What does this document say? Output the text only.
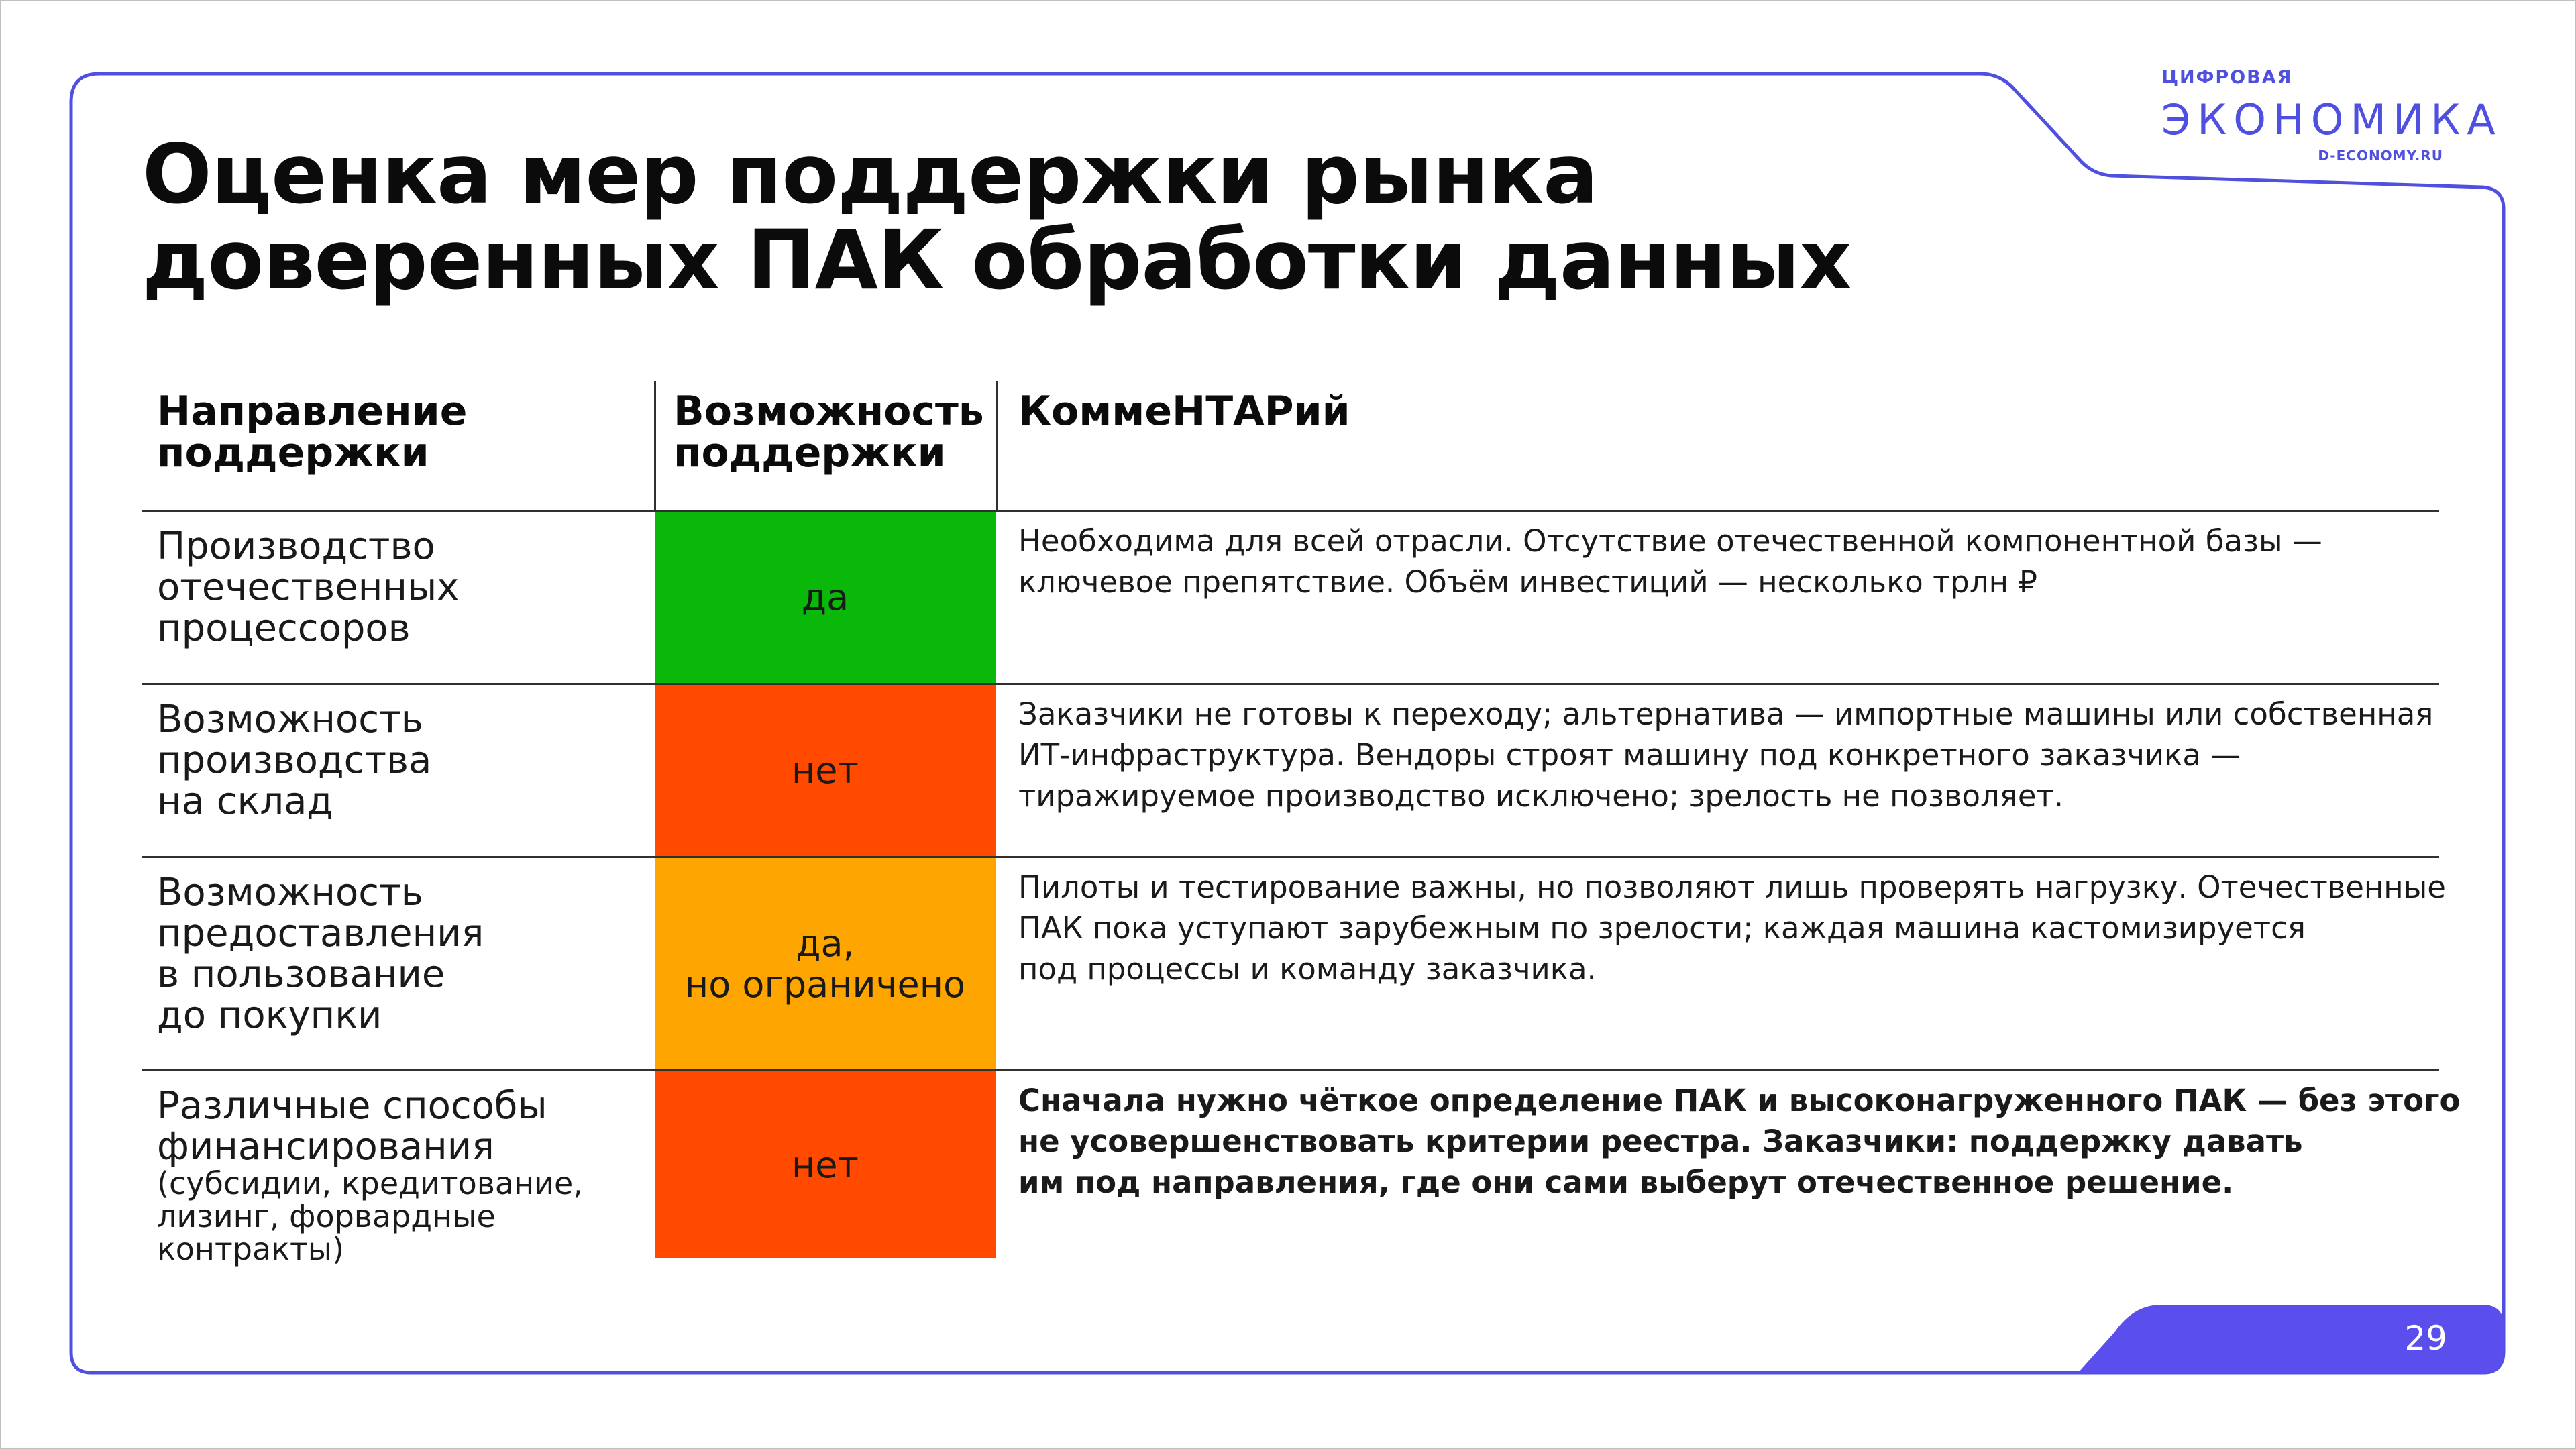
ЦИФРОВАЯ
ЭКОНОМИКА
D-ECONOMY.RU
Оценка мер поддержки рынка
доверенных ПАК обработки данных
Направление
поддержки
Возможность
поддержки
КоммеНТАРий
Производство
отечественных
процессоров
да
Необходима для всей отрасли. Отсутствие отечественной компонентной базы —
ключевое препятствие. Объём инвестиций — несколько трлн ₽
Возможность
производства
на склад
нет
Заказчики не готовы к переходу; альтернатива — импортные машины или собственная
ИТ-инфраструктура. Вендоры строят машину под конкретного заказчика —
тиражируемое производство исключено; зрелость не позволяет.
Возможность
предоставления
в пользование
до покупки
да,
но ограничено
Пилоты и тестирование важны, но позволяют лишь проверять нагрузку. Отечественные
ПАК пока уступают зарубежным по зрелости; каждая машина кастомизируется
под процессы и команду заказчика.
Различные способы
финансирования
(субсидии, кредитование,
лизинг, форвардные
контракты)
нет
Сначала нужно чёткое определение ПАК и высоконагруженного ПАК — без этого
не усовершенствовать критерии реестра. Заказчики: поддержку давать
им под направления, где они сами выберут отечественное решение.
29
